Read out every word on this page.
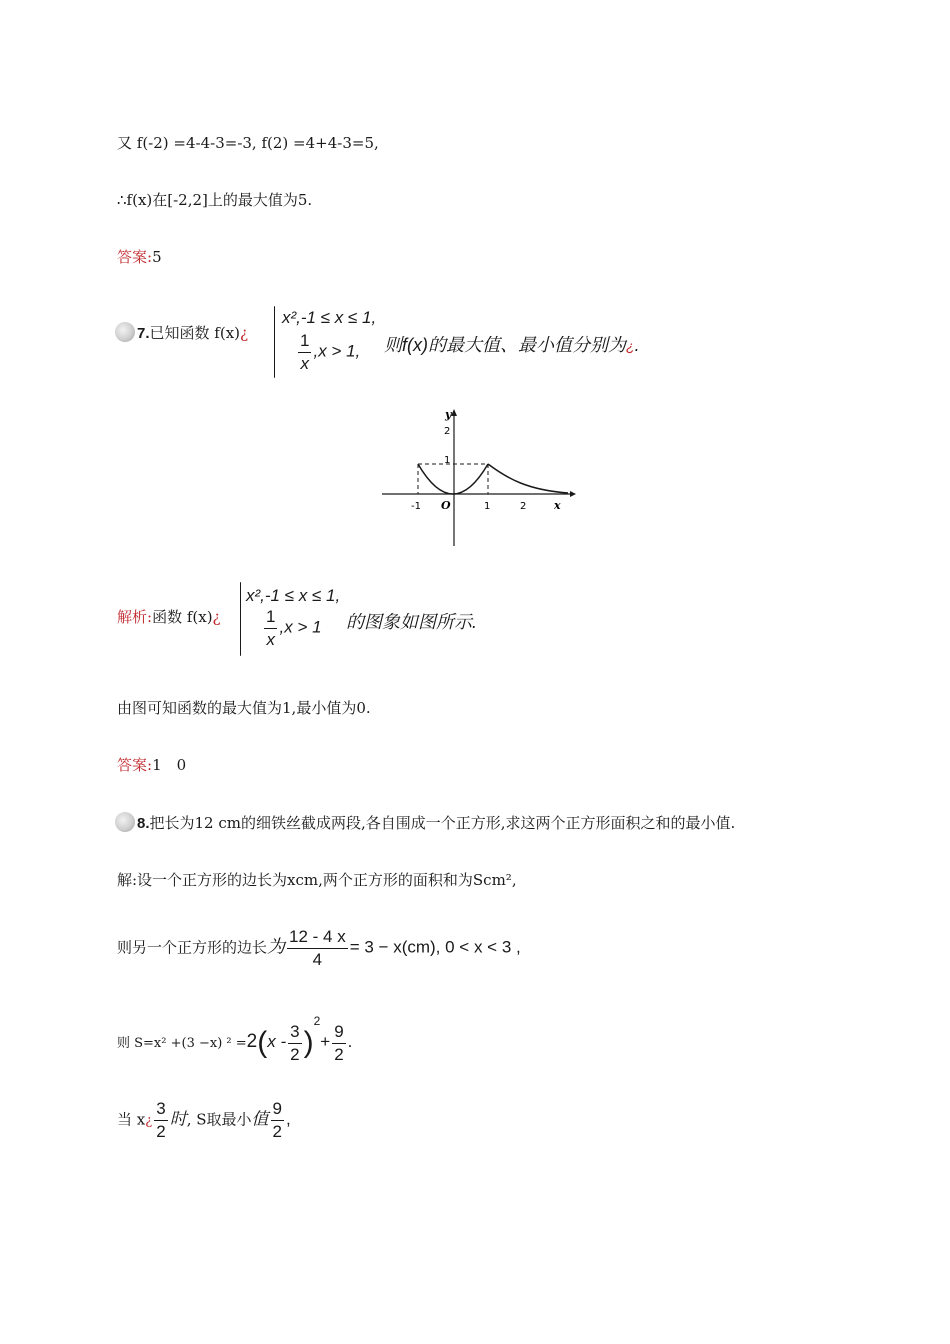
又 f(-2) =4-4-3=-3, f(2) =4+4-3=5,
∴f(x)在[-2,2]上的最大值为5.
答案:5
7.已知函数 f(x)¿
x²,-1 ≤ x ≤ 1,
$\frac{1}{x} ,x > 1$, 则f(x)的最大值、最小值分别为¿.
y
x
2
1
-1 O	1	2
解析:函数 f(x)¿
x²,-1 ≤ x ≤ 1,
$\frac{1}{x} ,x > 1$ 的图象如图所示.
由图可知函数的最大值为1,最小值为0.
答案:1　0
8.把长为12 cm的细铁丝截成两段,各自围成一个正方形,求这两个正方形面积之和的最小值.
解:设一个正方形的边长为xcm,两个正方形的面积和为Scm²,
则另一个正方形的边长为 $\frac{12 - 4 x}{4} = 3 - x(cm)$, 0 < x < 3 ,
则 S=x² +(3 −x) $^2 =2(x - \frac{3}{2} )^2+ \frac{9}{2}$ .
当 x¿ $\frac{3}{2}$ 时, S取最小值 $\frac{9}{2}$ ,
